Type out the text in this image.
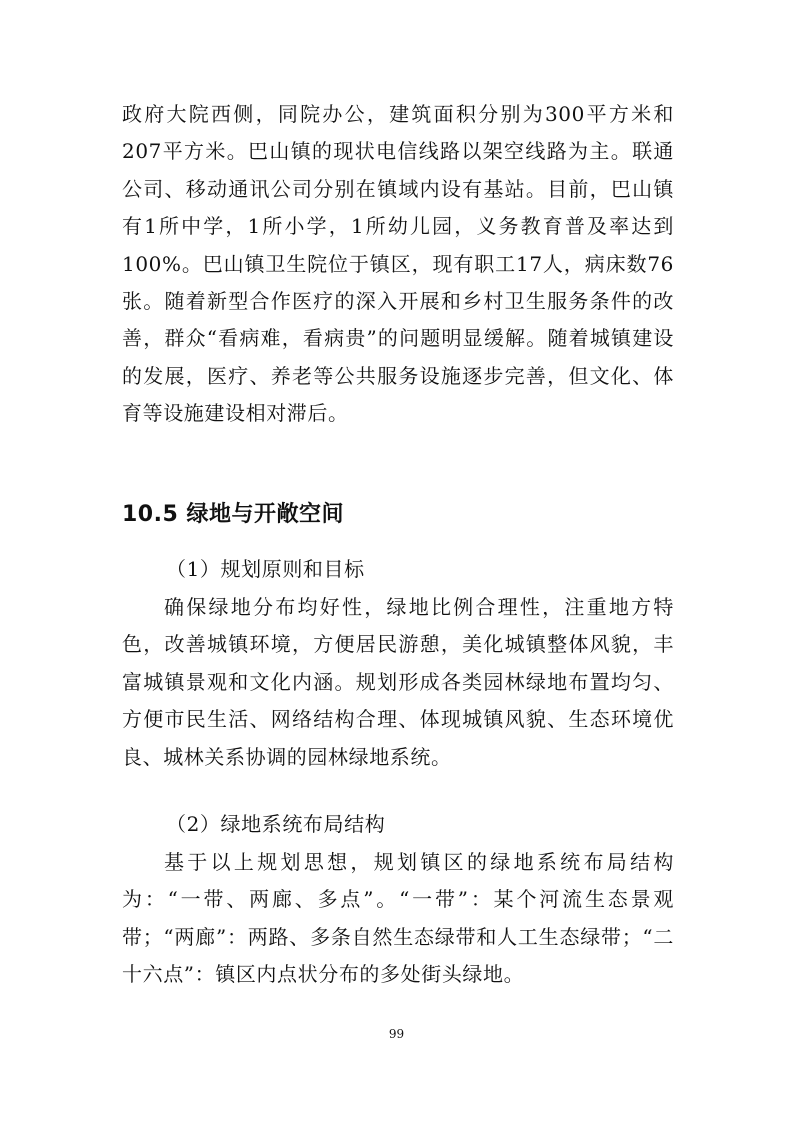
政府大院西侧，同院办公，建筑面积分别为300平方米和207平方米。巴山镇的现状电信线路以架空线路为主。联通公司、移动通讯公司分别在镇域内设有基站。目前，巴山镇有1所中学，1所小学，1所幼儿园，义务教育普及率达到100%。巴山镇卫生院位于镇区，现有职工17人，病床数76张。随着新型合作医疗的深入开展和乡村卫生服务条件的改善，群众“看病难，看病贵”的问题明显缓解。随着城镇建设的发展，医疗、养老等公共服务设施逐步完善，但文化、体育等设施建设相对滞后。

10.5 绿地与开敞空间

（1）规划原则和目标

确保绿地分布均好性，绿地比例合理性，注重地方特色，改善城镇环境，方便居民游憩，美化城镇整体风貌，丰富城镇景观和文化内涵。规划形成各类园林绿地布置均匀、方便市民生活、网络结构合理、体现城镇风貌、生态环境优良、城林关系协调的园林绿地系统。

（2）绿地系统布局结构

基于以上规划思想，规划镇区的绿地系统布局结构为：“一带、两廊、多点”。“一带”：某个河流生态景观带；“两廊”：两路、多条自然生态绿带和人工生态绿带；“二十六点”：镇区内点状分布的多处街头绿地。

99
